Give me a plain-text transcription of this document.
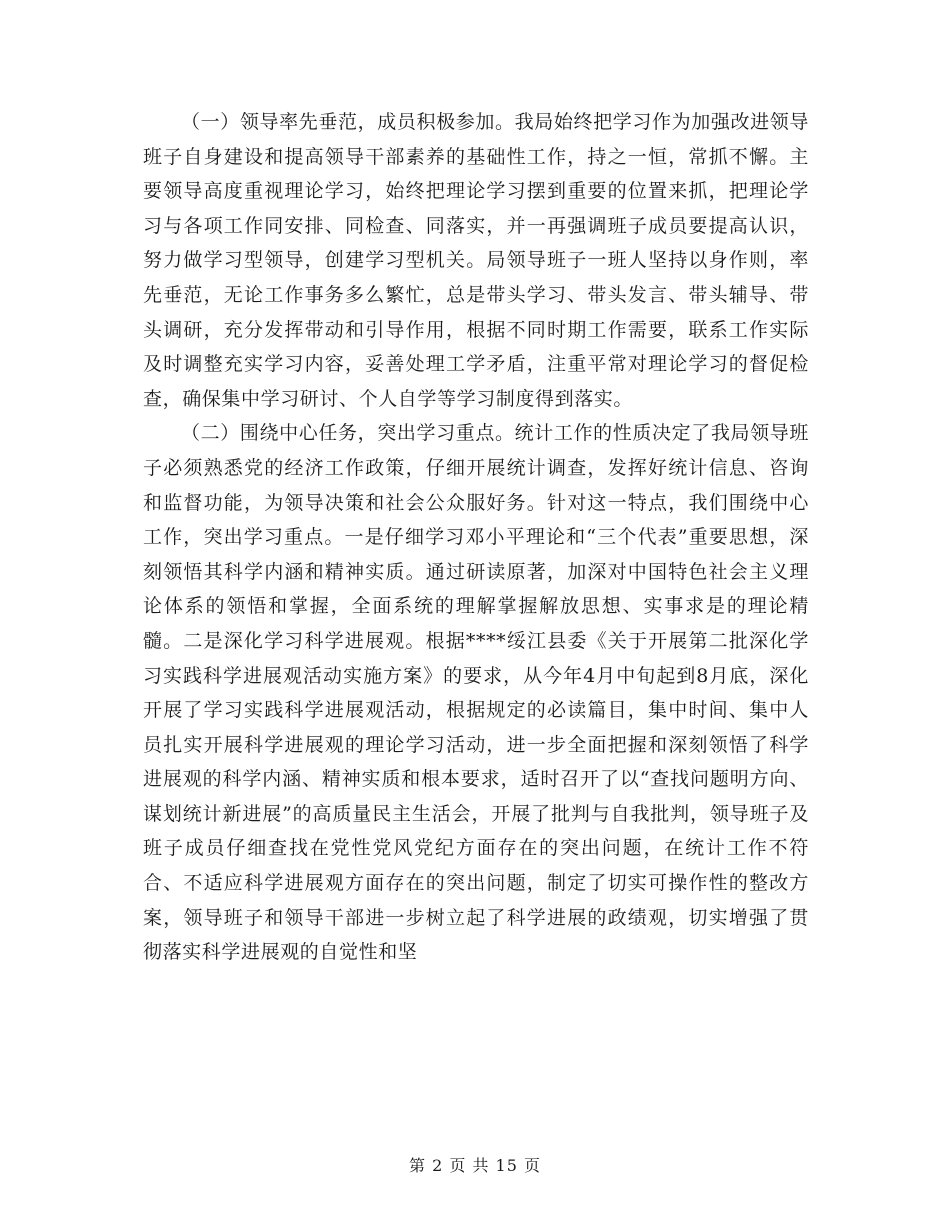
（一）领导率先垂范，成员积极参加。我局始终把学习作为加强改进领导班子自身建设和提高领导干部素养的基础性工作，持之一恒，常抓不懈。主要领导高度重视理论学习，始终把理论学习摆到重要的位置来抓，把理论学习与各项工作同安排、同检查、同落实，并一再强调班子成员要提高认识，努力做学习型领导，创建学习型机关。局领导班子一班人坚持以身作则，率先垂范，无论工作事务多么繁忙，总是带头学习、带头发言、带头辅导、带头调研，充分发挥带动和引导作用，根据不同时期工作需要，联系工作实际及时调整充实学习内容，妥善处理工学矛盾，注重平常对理论学习的督促检查，确保集中学习研讨、个人自学等学习制度得到落实。

（二）围绕中心任务，突出学习重点。统计工作的性质决定了我局领导班子必须熟悉党的经济工作政策，仔细开展统计调查，发挥好统计信息、咨询和监督功能，为领导决策和社会公众服好务。针对这一特点，我们围绕中心工作，突出学习重点。一是仔细学习邓小平理论和“三个代表”重要思想，深刻领悟其科学内涵和精神实质。通过研读原著，加深对中国特色社会主义理论体系的领悟和掌握，全面系统的理解掌握解放思想、实事求是的理论精髓。二是深化学习科学进展观。根据****绥江县委《关于开展第二批深化学习实践科学进展观活动实施方案》的要求，从今年4月中旬起到8月底，深化开展了学习实践科学进展观活动，根据规定的必读篇目，集中时间、集中人员扎实开展科学进展观的理论学习活动，进一步全面把握和深刻领悟了科学进展观的科学内涵、精神实质和根本要求，适时召开了以“查找问题明方向、谋划统计新进展”的高质量民主生活会，开展了批判与自我批判，领导班子及班子成员仔细查找在党性党风党纪方面存在的突出问题，在统计工作不符合、不适应科学进展观方面存在的突出问题，制定了切实可操作性的整改方案，领导班子和领导干部进一步树立起了科学进展的政绩观，切实增强了贯彻落实科学进展观的自觉性和坚

第 2 页 共 15 页
